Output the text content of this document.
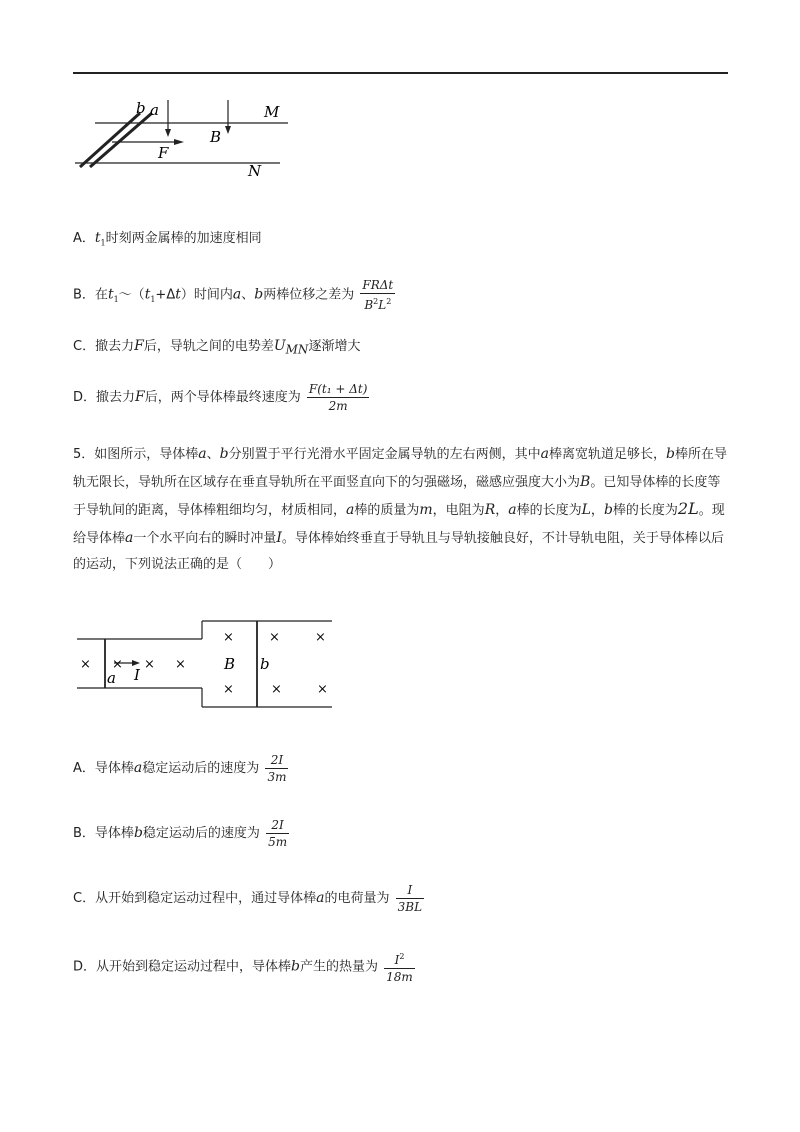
b a	M
B
F
N
A．$t_1$时刻两金属棒的加速度相同
B．在$t_1\sim(t_1+\Delta t)$时间内a、b两棒位移之差为 $\frac{\text{FRΔt}}{B^2L^2}$
C．撤去力F后，导轨之间的电势差$U_{MN}$逐渐增大
D．撤去力F后，两个导体棒最终速度为 $\frac{\text{F(t₁ + Δt)}}{2m}$
5．如图所示，导体棒a、b分别置于平行光滑水平固定金属导轨的左右两侧，其中a棒离宽轨道足够长，b棒所在导轨无限长，导轨所在区域存在垂直导轨所在平面竖直向下的匀强磁场，磁感应强度大小为B。已知导体棒的长度等于导轨间的距离，导体棒粗细均匀，材质相同，a棒的质量为m，电阻为R，a棒的长度为L，b棒的长度为2L。现给导体棒a一个水平向右的瞬时冲量I。导体棒始终垂直于导轨且与导轨接触良好，不计导轨电阻，关于导体棒以后的运动，下列说法正确的是（　　）
× × × ×
×	×	×
×	×	×
a I
B b
A．导体棒a稳定运动后的速度为 $\frac{2I}{3m}$
B．导体棒b稳定运动后的速度为 $\frac{2I}{5m}$
C．从开始到稳定运动过程中，通过导体棒a的电荷量为 $\frac{I}{3BL}$
D．从开始到稳定运动过程中，导体棒b产生的热量为 $\frac{I^2}{18m}$
